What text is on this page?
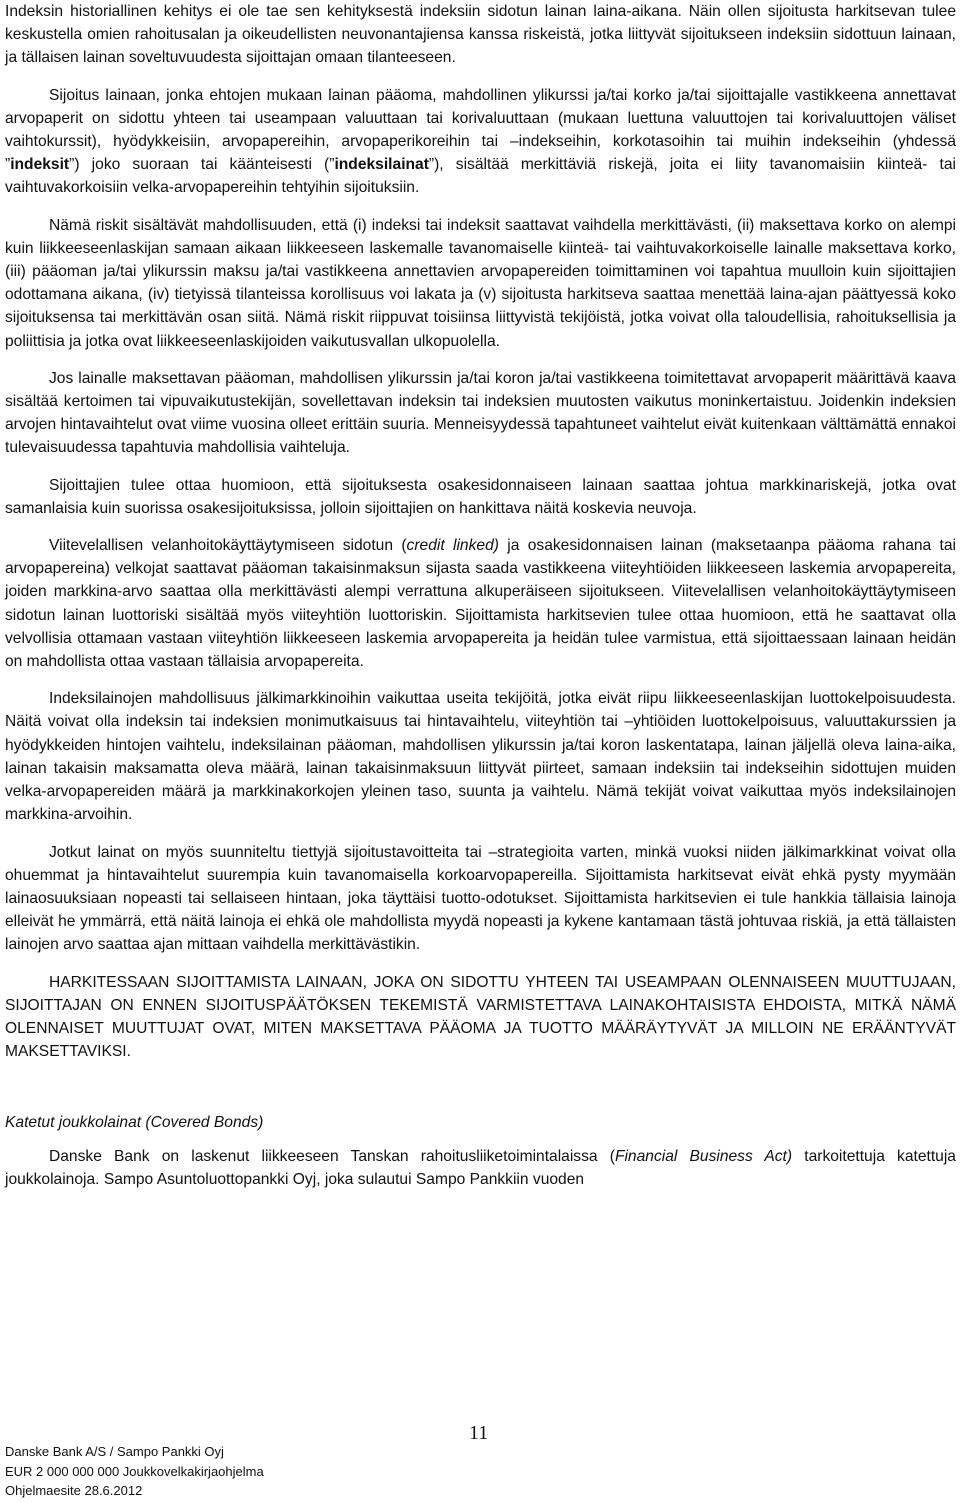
Indeksin historiallinen kehitys ei ole tae sen kehityksestä indeksiin sidotun lainan laina-aikana. Näin ollen sijoitusta harkitsevan tulee keskustella omien rahoitusalan ja oikeudellisten neuvonantajiensa kanssa riskeistä, jotka liittyvät sijoitukseen indeksiin sidottuun lainaan, ja tällaisen lainan soveltuvuudesta sijoittajan omaan tilanteeseen.

Sijoitus lainaan, jonka ehtojen mukaan lainan pääoma, mahdollinen ylikurssi ja/tai korko ja/tai sijoittajalle vastikkeena annettavat arvopaperit on sidottu yhteen tai useampaan valuuttaan tai korivaluuttaan (mukaan luettuna valuuttojen tai korivaluuttojen väliset vaihtokurssit), hyödykkeisiin, arvopapereihin, arvopaperikoreihin tai –indekseihin, korkotasoihin tai muihin indekseihin (yhdessä ”indeksit”) joko suoraan tai käänteisesti (”indeksilainat”), sisältää merkittäviä riskejä, joita ei liity tavanomaisiin kiinteä- tai vaihtuvakorkoisiin velka-arvopapereihin tehtyihin sijoituksiin.

Nämä riskit sisältävät mahdollisuuden, että (i) indeksi tai indeksit saattavat vaihdella merkittävästi, (ii) maksettava korko on alempi kuin liikkeeseenlaskijan samaan aikaan liikkeeseen laskemalle tavanomaiselle kiinteä- tai vaihtuvakorkoiselle lainalle maksettava korko, (iii) pääoman ja/tai ylikurssin maksu ja/tai vastikkeena annettavien arvopapereiden toimittaminen voi tapahtua muulloin kuin sijoittajien odottamana aikana, (iv) tietyissä tilanteissa korollisuus voi lakata ja (v) sijoitusta harkitseva saattaa menettää laina-ajan päättyessä koko sijoituksensa tai merkittävän osan siitä. Nämä riskit riippuvat toisiinsa liittyvistä tekijöistä, jotka voivat olla taloudellisia, rahoituksellisia ja poliittisia ja jotka ovat liikkeeseenlaskijoiden vaikutusvallan ulkopuolella.

Jos lainalle maksettavan pääoman, mahdollisen ylikurssin ja/tai koron ja/tai vastikkeena toimitettavat arvopaperit määrittävä kaava sisältää kertoimen tai vipuvaikutustekijän, sovellettavan indeksin tai indeksien muutosten vaikutus moninkertaistuu. Joidenkin indeksien arvojen hintavaihtelut ovat viime vuosina olleet erittäin suuria. Menneisyydessä tapahtuneet vaihtelut eivät kuitenkaan välttämättä ennakoi tulevaisuudessa tapahtuvia mahdollisia vaihteluja.

Sijoittajien tulee ottaa huomioon, että sijoituksesta osakesidonnaiseen lainaan saattaa johtua markkinariskejä, jotka ovat samanlaisia kuin suorissa osakesijoituksissa, jolloin sijoittajien on hankittava näitä koskevia neuvoja.

Viitevelallisen velanhoitokäyttäytymiseen sidotun (credit linked) ja osakesidonnaisen lainan (maksetaanpa pääoma rahana tai arvopapereina) velkojat saattavat pääoman takaisinmaksun sijasta saada vastikkeena viiteyhtiöiden liikkeeseen laskemia arvopapereita, joiden markkina-arvo saattaa olla merkittävästi alempi verrattuna alkuperäiseen sijoitukseen. Viitevelallisen velanhoitokäyttäytymiseen sidotun lainan luottoriski sisältää myös viiteyhtiön luottoriskin. Sijoittamista harkitsevien tulee ottaa huomioon, että he saattavat olla velvollisia ottamaan vastaan viiteyhtiön liikkeeseen laskemia arvopapereita ja heidän tulee varmistua, että sijoittaessaan lainaan heidän on mahdollista ottaa vastaan tällaisia arvopapereita.

Indeksilainojen mahdollisuus jälkimarkkinoihin vaikuttaa useita tekijöitä, jotka eivät riipu liikkeeseenlaskijan luottokelpoisuudesta. Näitä voivat olla indeksin tai indeksien monimutkaisuus tai hintavaihtelu, viiteyhtiön tai –yhtiöiden luottokelpoisuus, valuuttakurssien ja hyödykkeiden hintojen vaihtelu, indeksilainan pääoman, mahdollisen ylikurssin ja/tai koron laskentatapa, lainan jäljellä oleva laina-aika, lainan takaisin maksamatta oleva määrä, lainan takaisinmaksuun liittyvät piirteet, samaan indeksiin tai indekseihin sidottujen muiden velka-arvopapereiden määrä ja markkinakorkojen yleinen taso, suunta ja vaihtelu. Nämä tekijät voivat vaikuttaa myös indeksilainojen markkina-arvoihin.

Jotkut lainat on myös suunniteltu tiettyjä sijoitustavoitteita tai –strategioita varten, minkä vuoksi niiden jälkimarkkinat voivat olla ohuemmat ja hintavaihtelut suurempia kuin tavanomaisella korkoarvopapereilla. Sijoittamista harkitsevat eivät ehkä pysty myymään lainaosuuksiaan nopeasti tai sellaiseen hintaan, joka täyttäisi tuotto-odotukset. Sijoittamista harkitsevien ei tule hankkia tällaisia lainoja elleivät he ymmärrä, että näitä lainoja ei ehkä ole mahdollista myydä nopeasti ja kykene kantamaan tästä johtuvaa riskiä, ja että tällaisten lainojen arvo saattaa ajan mittaan vaihdella merkittävästikin.

HARKITESSAAN SIJOITTAMISTA LAINAAN, JOKA ON SIDOTTU YHTEEN TAI USEAMPAAN OLENNAISEEN MUUTTUJAAN, SIJOITTAJAN ON ENNEN SIJOITUSPÄÄTÖKSEN TEKEMISTÄ VARMISTETTAVA LAINAKOHTAISISTA EHDOISTA, MITKÄ NÄMÄ OLENNAISET MUUTTUJAT OVAT, MITEN MAKSETTAVA PÄÄOMA JA TUOTTO MÄÄRÄYTYVÄT JA MILLOIN NE ERÄÄNTYVÄT MAKSETTAVIKSI.

Katetut joukkolainat (Covered Bonds)

Danske Bank on laskenut liikkeeseen Tanskan rahoitusliiketoimintalaissa (Financial Business Act) tarkoitettuja katettuja joukkolainoja. Sampo Asuntoluottopankki Oyj, joka sulautui Sampo Pankkiin vuoden

11
Danske Bank A/S / Sampo Pankki Oyj
EUR 2 000 000 000 Joukkovelkakirjaohjelma
Ohjelmaesite 28.6.2012
